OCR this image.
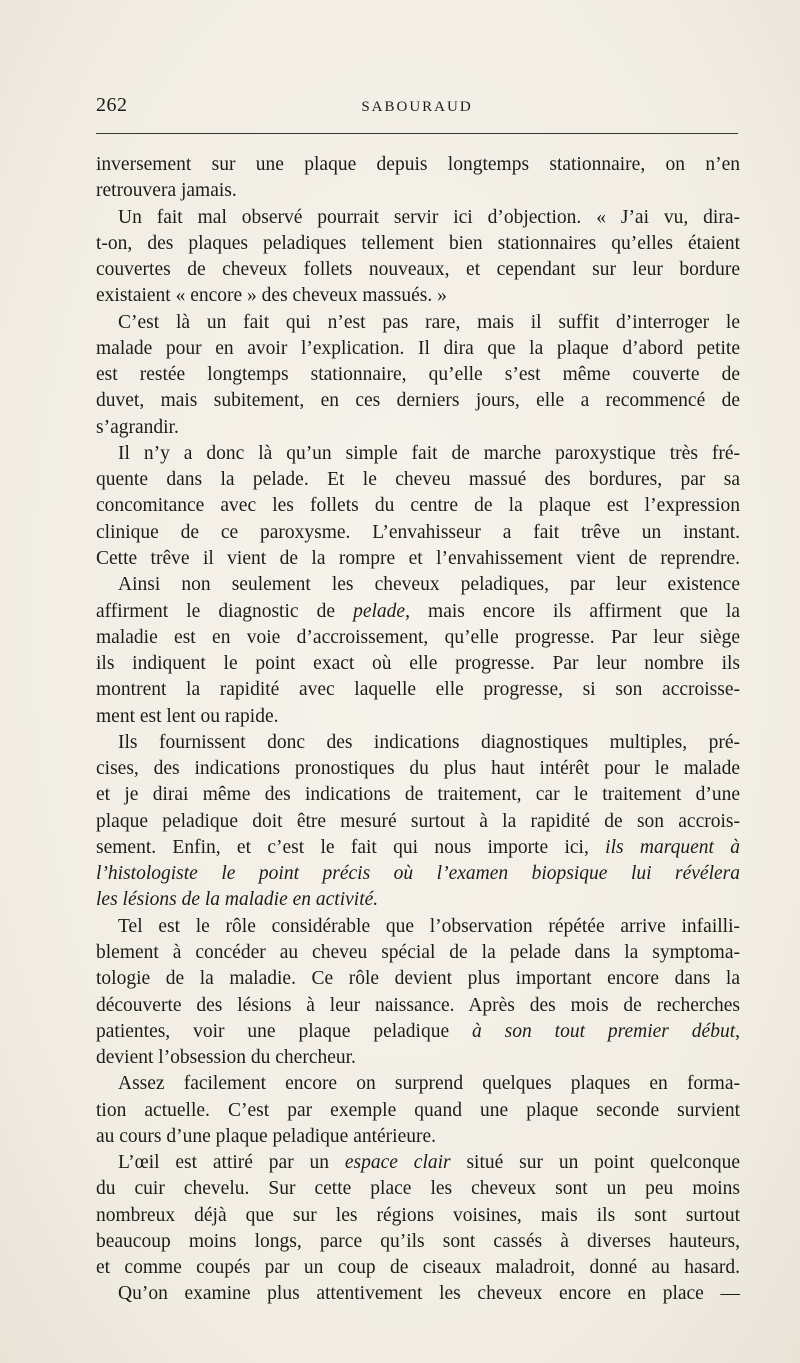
262	SABOURAUD
inversement sur une plaque depuis longtemps stationnaire, on n’en
retrouvera jamais.
Un fait mal observé pourrait servir ici d’objection. « J’ai vu, dira-
t-on, des plaques peladiques tellement bien stationnaires qu’elles étaient
couvertes de cheveux follets nouveaux, et cependant sur leur bordure
existaient « encore » des cheveux massués. »
C’est là un fait qui n’est pas rare, mais il suffit d’interroger le
malade pour en avoir l’explication. Il dira que la plaque d’abord petite
est restée longtemps stationnaire, qu’elle s’est même couverte de
duvet, mais subitement, en ces derniers jours, elle a recommencé de
s’agrandir.
Il n’y a donc là qu’un simple fait de marche paroxystique très fré-
quente dans la pelade. Et le cheveu massué des bordures, par sa
concomitance avec les follets du centre de la plaque est l’expression
clinique de ce paroxysme. L’envahisseur a fait trêve un instant.
Cette trêve il vient de la rompre et l’envahissement vient de reprendre.
Ainsi non seulement les cheveux peladiques, par leur existence
affirment le diagnostic de pelade, mais encore ils affirment que la
maladie est en voie d’accroissement, qu’elle progresse. Par leur siège
ils indiquent le point exact où elle progresse. Par leur nombre ils
montrent la rapidité avec laquelle elle progresse, si son accroisse-
ment est lent ou rapide.
Ils fournissent donc des indications diagnostiques multiples, pré-
cises, des indications pronostiques du plus haut intérêt pour le malade
et je dirai même des indications de traitement, car le traitement d’une
plaque peladique doit être mesuré surtout à la rapidité de son accrois-
sement. Enfin, et c’est le fait qui nous importe ici, ils marquent à
l’histologiste le point précis où l’examen biopsique lui révélera
les lésions de la maladie en activité.
Tel est le rôle considérable que l’observation répétée arrive infailli-
blement à concéder au cheveu spécial de la pelade dans la symptoma-
tologie de la maladie. Ce rôle devient plus important encore dans la
découverte des lésions à leur naissance. Après des mois de recherches
patientes, voir une plaque peladique à son tout premier début,
devient l’obsession du chercheur.
Assez facilement encore on surprend quelques plaques en forma-
tion actuelle. C’est par exemple quand une plaque seconde survient
au cours d’une plaque peladique antérieure.
L’œil est attiré par un espace clair situé sur un point quelconque
du cuir chevelu. Sur cette place les cheveux sont un peu moins
nombreux déjà que sur les régions voisines, mais ils sont surtout
beaucoup moins longs, parce qu’ils sont cassés à diverses hauteurs,
et comme coupés par un coup de ciseaux maladroit, donné au hasard.
Qu’on examine plus attentivement les cheveux encore en place —
